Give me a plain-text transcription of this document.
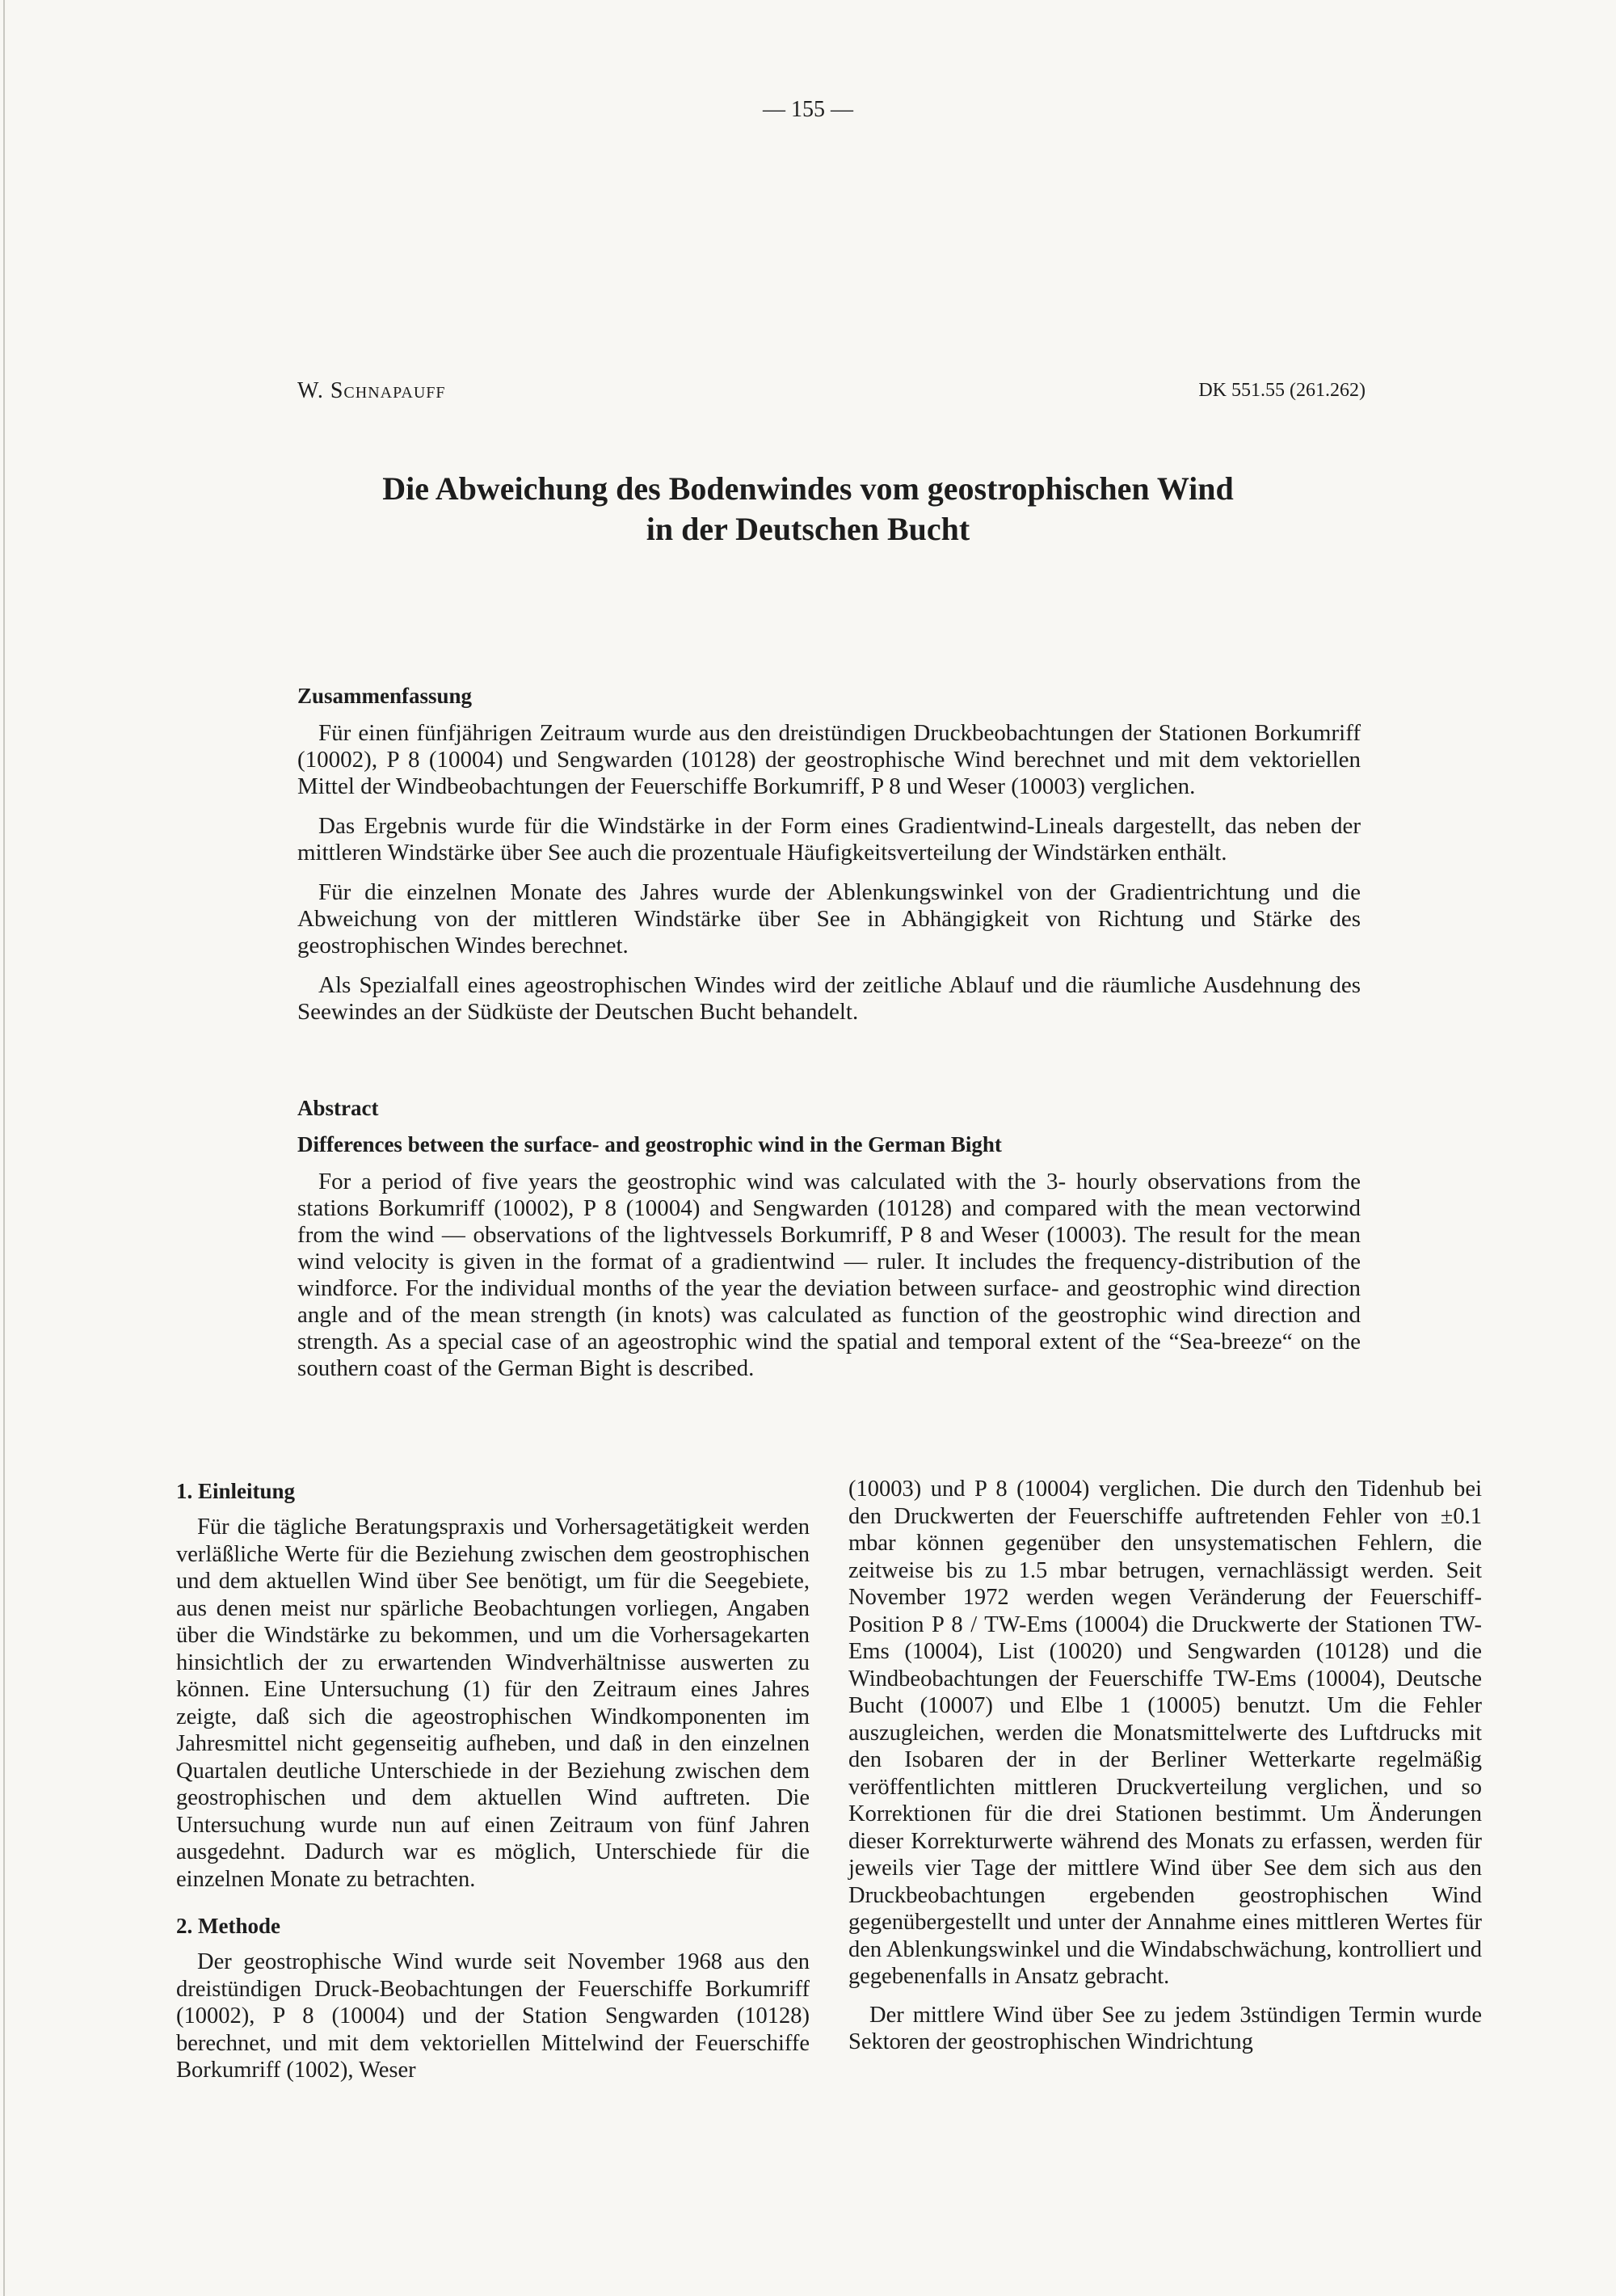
— 155 —
W. Schnapauff	DK 551.55 (261.262)
Die Abweichung des Bodenwindes vom geostrophischen Wind
in der Deutschen Bucht
Zusammenfassung

Für einen fünfjährigen Zeitraum wurde aus den dreistündigen Druckbeobachtungen der Stationen Borkumriff (10002), P 8 (10004) und Sengwarden (10128) der geostrophische Wind berechnet und mit dem vektoriellen Mittel der Windbeobachtungen der Feuerschiffe Borkumriff, P 8 und Weser (10003) verglichen.

Das Ergebnis wurde für die Windstärke in der Form eines Gradientwind-Lineals dargestellt, das neben der mittleren Windstärke über See auch die prozentuale Häufigkeitsverteilung der Windstärken enthält.

Für die einzelnen Monate des Jahres wurde der Ablenkungswinkel von der Gradientrichtung und die Abweichung von der mittleren Windstärke über See in Abhängigkeit von Richtung und Stärke des geostrophischen Windes berechnet.

Als Spezialfall eines ageostrophischen Windes wird der zeitliche Ablauf und die räumliche Ausdehnung des Seewindes an der Südküste der Deutschen Bucht behandelt.

Abstract
Differences between the surface- and geostrophic wind in the German Bight

For a period of five years the geostrophic wind was calculated with the 3- hourly observations from the stations Borkumriff (10002), P 8 (10004) and Sengwarden (10128) and compared with the mean vectorwind from the wind — observations of the lightvessels Borkumriff, P 8 and Weser (10003). The result for the mean wind velocity is given in the format of a gradientwind — ruler. It includes the frequency-distribution of the windforce. For the individual months of the year the deviation between surface- and geostrophic wind direction angle and of the mean strength (in knots) was calculated as function of the geostrophic wind direction and strength. As a special case of an ageostrophic wind the spatial and temporal extent of the “Sea-breeze“ on the southern coast of the German Bight is described.

1. Einleitung

Für die tägliche Beratungspraxis und Vorhersagetätigkeit werden verläßliche Werte für die Beziehung zwischen dem geostrophischen und dem aktuellen Wind über See benötigt, um für die Seegebiete, aus denen meist nur spärliche Beobachtungen vorliegen, Angaben über die Windstärke zu bekommen, und um die Vorhersagekarten hinsichtlich der zu erwartenden Windverhältnisse auswerten zu können. Eine Untersuchung (1) für den Zeitraum eines Jahres zeigte, daß sich die ageostrophischen Windkomponenten im Jahresmittel nicht gegenseitig aufheben, und daß in den einzelnen Quartalen deutliche Unterschiede in der Beziehung zwischen dem geostrophischen und dem aktuellen Wind auftreten. Die Untersuchung wurde nun auf einen Zeitraum von fünf Jahren ausgedehnt. Dadurch war es möglich, Unterschiede für die einzelnen Monate zu betrachten.

2. Methode

Der geostrophische Wind wurde seit November 1968 aus den dreistündigen Druck-Beobachtungen der Feuerschiffe Borkumriff (10002), P 8 (10004) und der Station Sengwarden (10128) berechnet, und mit dem vektoriellen Mittelwind der Feuerschiffe Borkumriff (1002), Weser

(10003) und P 8 (10004) verglichen. Die durch den Tidenhub bei den Druckwerten der Feuerschiffe auftretenden Fehler von ±0.1 mbar können gegenüber den unsystematischen Fehlern, die zeitweise bis zu 1.5 mbar betrugen, vernachlässigt werden. Seit November 1972 werden wegen Veränderung der Feuerschiff-Position P 8 / TW-Ems (10004) die Druckwerte der Stationen TW-Ems (10004), List (10020) und Sengwarden (10128) und die Windbeobachtungen der Feuerschiffe TW-Ems (10004), Deutsche Bucht (10007) und Elbe 1 (10005) benutzt. Um die Fehler auszugleichen, werden die Monatsmittelwerte des Luftdrucks mit den Isobaren der in der Berliner Wetterkarte regelmäßig veröffentlichten mittleren Druckverteilung verglichen, und so Korrektionen für die drei Stationen bestimmt. Um Änderungen dieser Korrekturwerte während des Monats zu erfassen, werden für jeweils vier Tage der mittlere Wind über See dem sich aus den Druckbeobachtungen ergebenden geostrophischen Wind gegenübergestellt und unter der Annahme eines mittleren Wertes für den Ablenkungswinkel und die Windabschwächung, kontrolliert und gegebenenfalls in Ansatz gebracht.

Der mittlere Wind über See zu jedem 3stündigen Termin wurde Sektoren der geostrophischen Windrichtung
